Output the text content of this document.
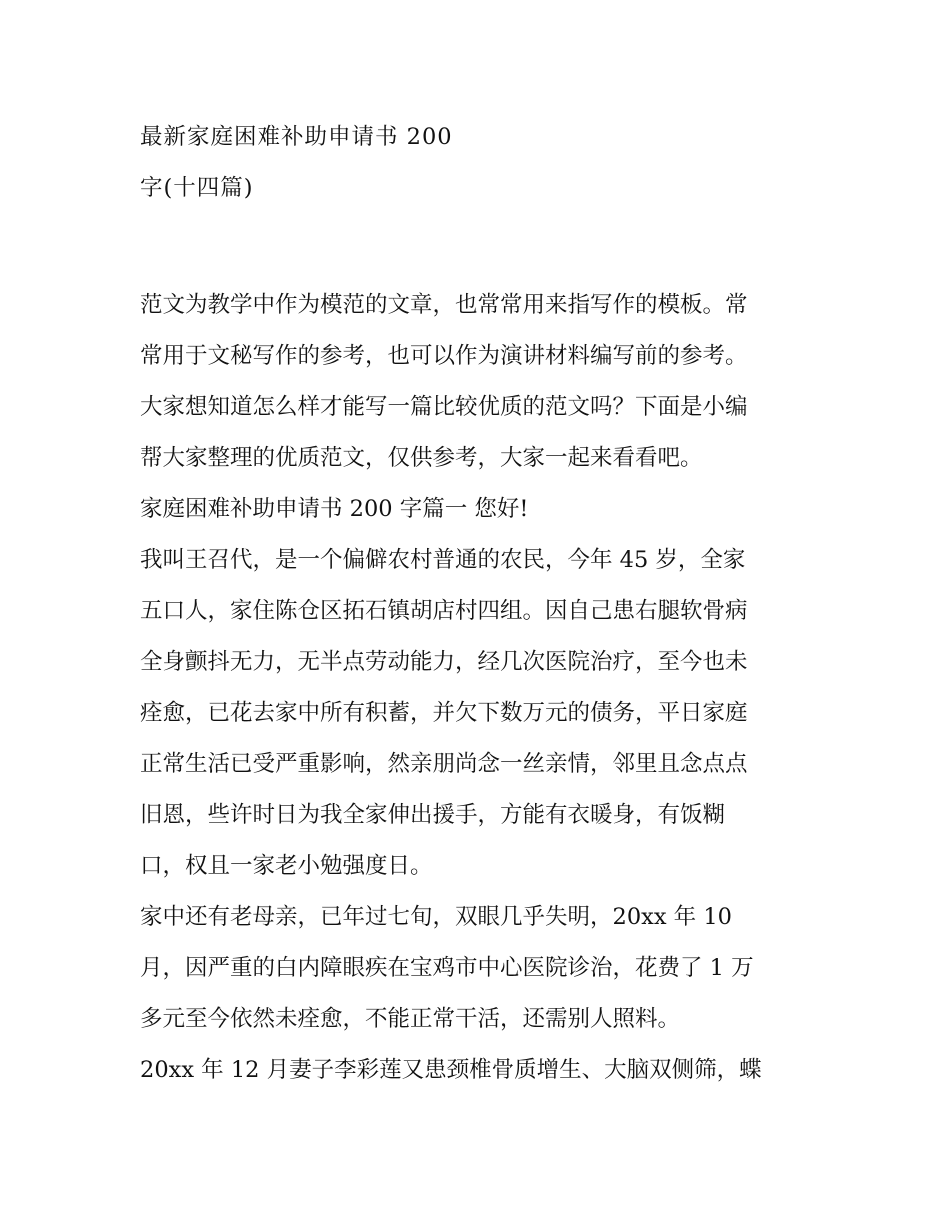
最新家庭困难补助申请书 200
字(十四篇)

范文为教学中作为模范的文章，也常常用来指写作的模板。常
常用于文秘写作的参考，也可以作为演讲材料编写前的参考。
大家想知道怎么样才能写一篇比较优质的范文吗？下面是小编
帮大家整理的优质范文，仅供参考，大家一起来看看吧。

家庭困难补助申请书 200 字篇一 您好!

我叫王召代，是一个偏僻农村普通的农民，今年 45 岁，全家
五口人，家住陈仓区拓石镇胡店村四组。因自己患右腿软骨病
全身颤抖无力，无半点劳动能力，经几次医院治疗，至今也未
痊愈，已花去家中所有积蓄，并欠下数万元的债务，平日家庭
正常生活已受严重影响，然亲朋尚念一丝亲情，邻里且念点点
旧恩，些许时日为我全家伸出援手，方能有衣暖身，有饭糊
口，权且一家老小勉强度日。

家中还有老母亲，已年过七旬，双眼几乎失明，20xx 年 10
月，因严重的白内障眼疾在宝鸡市中心医院诊治，花费了 1 万
多元至今依然未痊愈，不能正常干活，还需别人照料。

20xx 年 12 月妻子李彩莲又患颈椎骨质增生、大脑双侧筛，蝶
